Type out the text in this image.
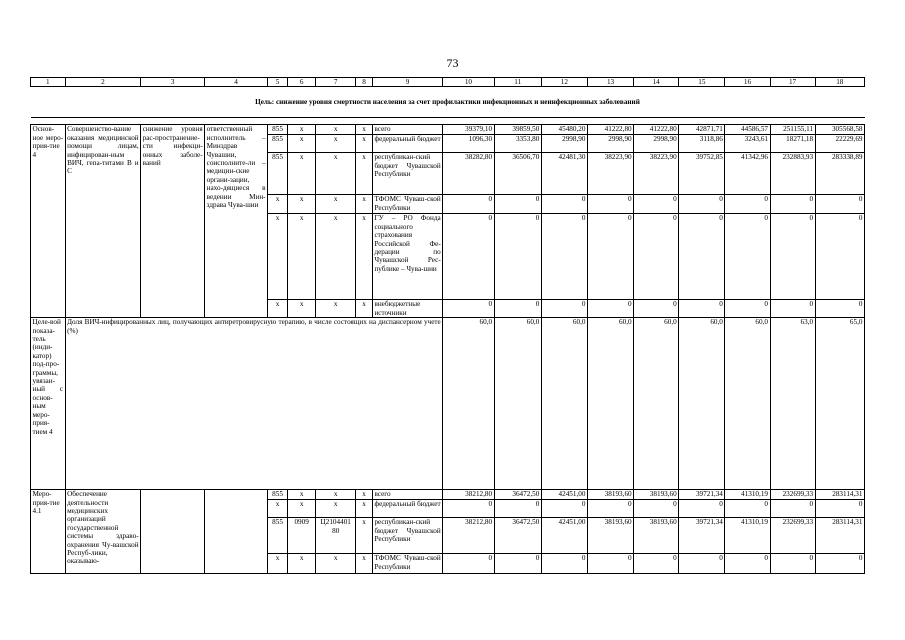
73
1	2	3	4	5	6	7	8	9	10	11	12	13	14	15	16	17	18
Цель: снижение уровня смертности населения за счет профилактики инфекционных и неинфекционных заболеваний																	

Основ-ное меро-прия-тие 4	Совершенство-вание оказания медицинской помощи лицам, инфицирован-ным ВИЧ, гепа-титами B и C	снижение уровня рас-пространение-сти инфекци-онных заболе-ваний	ответственный исполнитель – Минздрав Чувашии, соисполните-ли – медицин-ские органи-зации, нахо-дящиеся в ведении Мин-здрава Чува-шии	855	x	x	x	всего	39379,10	39859,50	45480,20	41222,80	41222,80	42871,71	44586,57	251155,11	305568,58
				855	x	x	x	федеральный бюджет	1096,30	3353,80	2998,90	2998,90	2998,90	3118,86	3243,61	18271,18	22229,69
				855	x	x	x	республикан-ский бюджет Чувашской Республики	38282,80	36506,70	42481,30	38223,90	38223,90	39752,85	41342,96	232883,93	283338,89
				x	x	x	x	ТФОМС Чуваш-ской Республики	0	0	0	0	0	0	0	0	0
				x	x	x	x	ГУ – РО Фонда социального страхования Российской Фе-дерации по Чувашской Рес-публике – Чува-шии	0	0	0	0	0	0	0	0	0
				x	x	x	x	внебюджетные источники	0	0	0	0	0	0	0	0	0
Целе-вой показа-тель (инди-катор) под-про-граммы, увязан-ный с основ-ным меро-прия-тием 4	Доля ВИЧ-инфицированных лиц, получающих антиретровирусную терапию, в числе состоящих на диспансерном учете (%)								60,0	60,0	60,0	60,0	60,0	60,0	60,0	63,0	65,0
Меро-прия-тие 4.1	Обеспечение деятельности медицинских организаций государственной системы здраво-охранения Чу-вашской Респуб-лики, оказываю-			855	x	x	x	всего	38212,80	36472,50	42451,00	38193,60	38193,60	39721,34	41310,19	232699,33	283114,31
				x	x	x	x	федеральный бюджет	0	0	0	0	0	0	0	0	0
				855	0909	Ц2104401 80	x	республикан-ский бюджет Чувашской Республики	38212,80	36472,50	42451,00	38193,60	38193,60	39721,34	41310,19	232699,33	283114,31
				x	x	x	x	ТФОМС Чуваш-ской Республики	0	0	0	0	0	0	0	0	0
